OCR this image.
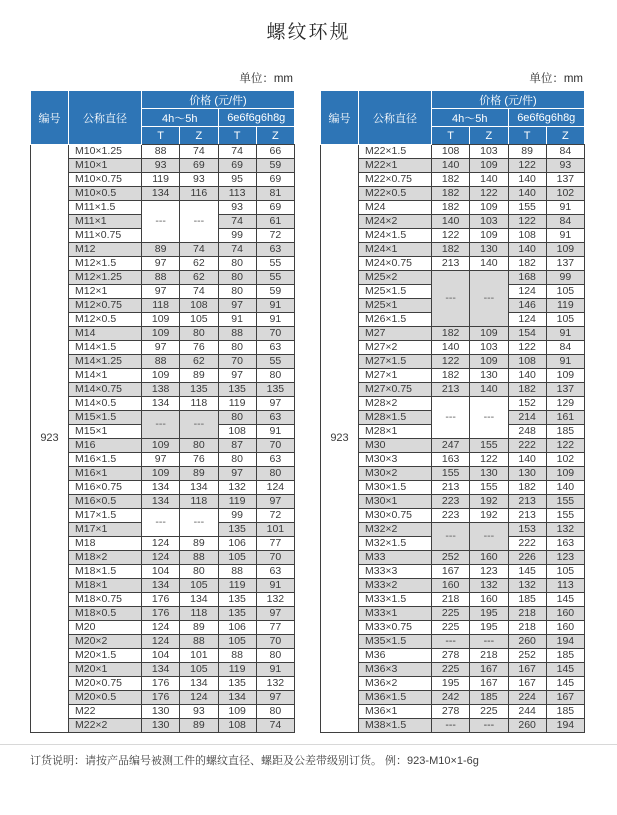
螺纹环规
单位：mm
编号	公称直径	价格 (元/件)			
		4h～5h		6e6f6g6h8g	
		T	Z	T	Z
923	M10×1.25	88	74	74	66
	M10×1	93	69	69	59
	M10×0.75	119	93	95	69
	M10×0.5	134	116	113	81
	M11×1.5	---	---	93	69
	M11×1			74	61
	M11×0.75			99	72
	M12	89	74	74	63
	M12×1.5	97	62	80	55
	M12×1.25	88	62	80	55
	M12×1	97	74	80	59
	M12×0.75	118	108	97	91
	M12×0.5	109	105	91	91
	M14	109	80	88	70
	M14×1.5	97	76	80	63
	M14×1.25	88	62	70	55
	M14×1	109	89	97	80
	M14×0.75	138	135	135	135
	M14×0.5	134	118	119	97
	M15×1.5	---	---	80	63
	M15×1			108	91
	M16	109	80	87	70
	M16×1.5	97	76	80	63
	M16×1	109	89	97	80
	M16×0.75	134	134	132	124
	M16×0.5	134	118	119	97
	M17×1.5	---	---	99	72
	M17×1			135	101
	M18	124	89	106	77
	M18×2	124	88	105	70
	M18×1.5	104	80	88	63
	M18×1	134	105	119	91
	M18×0.75	176	134	135	132
	M18×0.5	176	118	135	97
	M20	124	89	106	77
	M20×2	124	88	105	70
	M20×1.5	104	101	88	80
	M20×1	134	105	119	91
	M20×0.75	176	134	135	132
	M20×0.5	176	124	134	97
	M22	130	93	109	80
	M22×2	130	89	108	74
单位：mm
编号	公称直径	价格 (元/件)			
		4h～5h		6e6f6g6h8g	
		T	Z	T	Z
923	M22×1.5	108	103	89	84
	M22×1	140	109	122	93
	M22×0.75	182	140	140	137
	M22×0.5	182	122	140	102
	M24	182	109	155	91
	M24×2	140	103	122	84
	M24×1.5	122	109	108	91
	M24×1	182	130	140	109
	M24×0.75	213	140	182	137
	M25×2	---	---	168	99
	M25×1.5			124	105
	M25×1			146	119
	M26×1.5			124	105
	M27	182	109	154	91
	M27×2	140	103	122	84
	M27×1.5	122	109	108	91
	M27×1	182	130	140	109
	M27×0.75	213	140	182	137
	M28×2	---	---	152	129
	M28×1.5			214	161
	M28×1			248	185
	M30	247	155	222	122
	M30×3	163	122	140	102
	M30×2	155	130	130	109
	M30×1.5	213	155	182	140
	M30×1	223	192	213	155
	M30×0.75	223	192	213	155
	M32×2	---	---	153	132
	M32×1.5			222	163
	M33	252	160	226	123
	M33×3	167	123	145	105
	M33×2	160	132	132	113
	M33×1.5	218	160	185	145
	M33×1	225	195	218	160
	M33×0.75	225	195	218	160
	M35×1.5	---	---	260	194
	M36	278	218	252	185
	M36×3	225	167	167	145
	M36×2	195	167	167	145
	M36×1.5	242	185	224	167
	M36×1	278	225	244	185
	M38×1.5	---	---	260	194
订货说明：请按产品编号被测工件的螺纹直径、螺距及公差带级别订货。 例：923-M10×1-6g
